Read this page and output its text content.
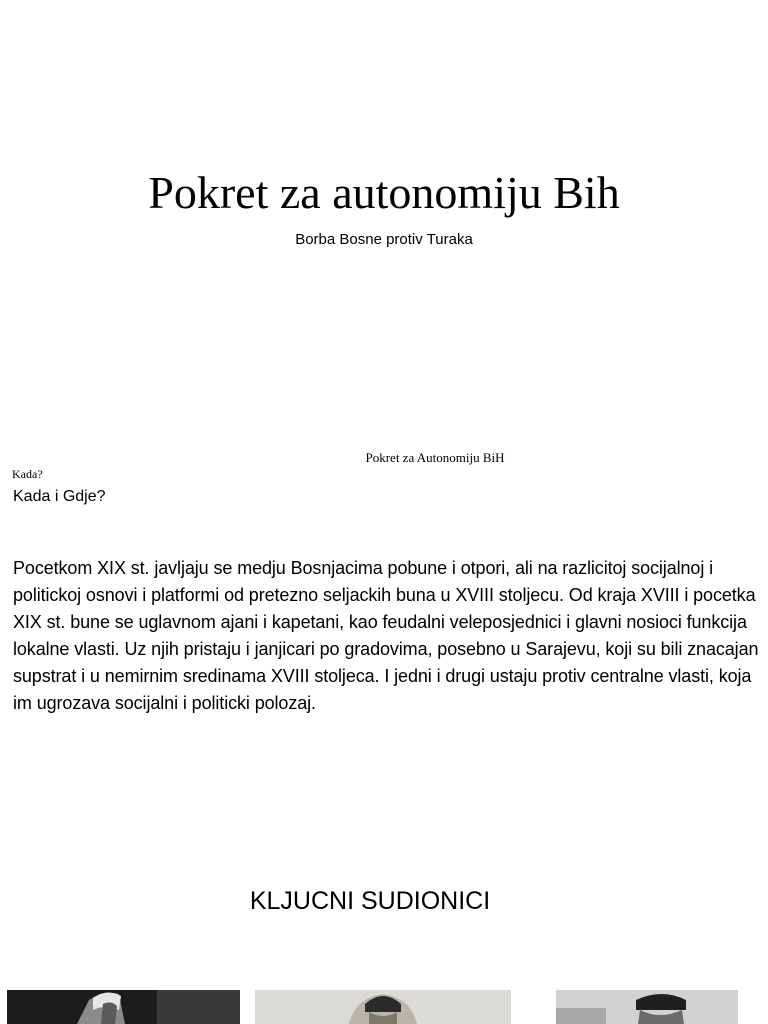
Pokret za autonomiju Bih
Borba Bosne protiv Turaka
Pokret za Autonomiju BiH
Kada?
Kada i Gdje?

Pocetkom XIX st. javljaju se medju Bosnjacima pobune i otpori, ali na razlicitoj socijalnoj i politickoj osnovi i platformi od pretezno seljackih buna u XVIII stoljecu. Od kraja XVIII i pocetka XIX st. bune se uglavnom ajani i kapetani, kao feudalni veleposjednici i glavni nosioci funkcija lokalne vlasti. Uz njih pristaju i janjicari po gradovima, posebno u Sarajevu, koji su bili znacajan supstrat i u nemirnim sredinama XVIII stoljeca. I jedni i drugi ustaju protiv centralne vlasti, koja im ugrozava socijalni i politicki polozaj.

KLJUCNI SUDIONICI
